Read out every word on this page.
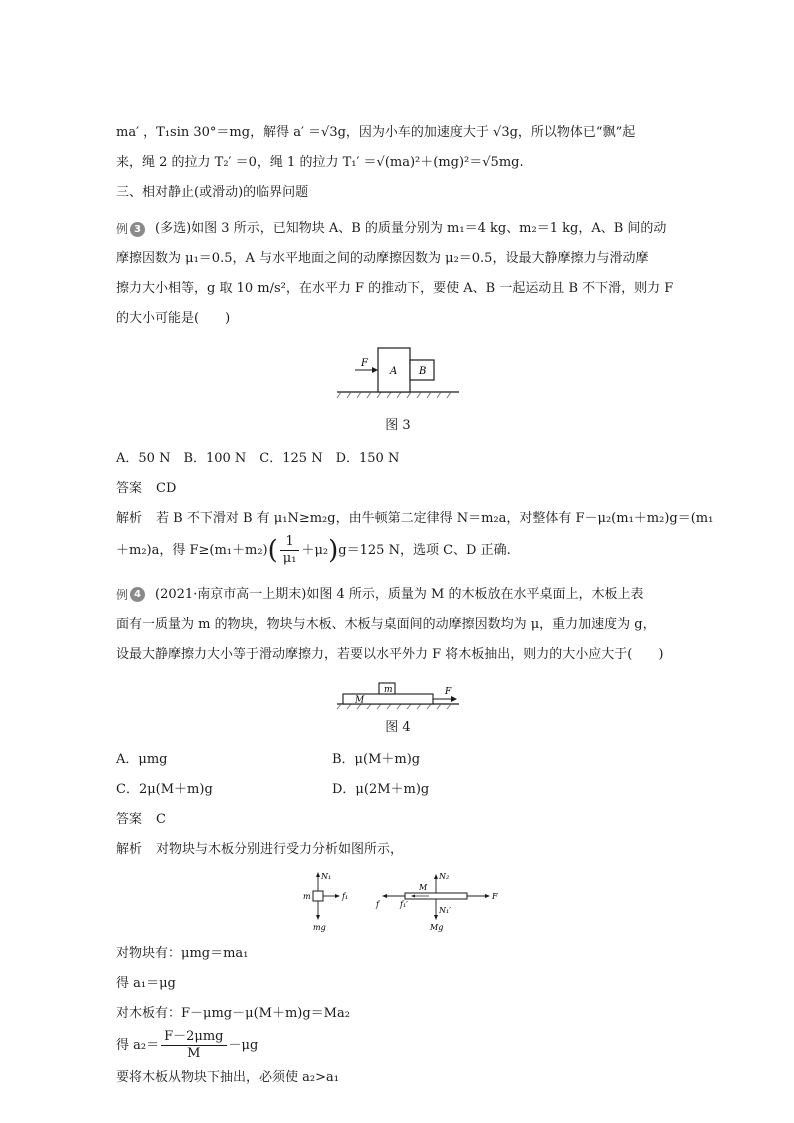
ma′ ，T₁sin 30°＝mg，解得 a′ ＝√3g，因为小车的加速度大于 √3g，所以物体已“飘”起

来，绳 2 的拉力 T₂′ ＝0，绳 1 的拉力 T₁′ ＝√(ma)²＋(mg)²＝√5mg.

三、相对静止(或滑动)的临界问题

例 3	(多选)如图 3 所示，已知物块 A、B 的质量分别为 m₁＝4 kg、m₂＝1 kg，A、B 间的动

摩擦因数为 μ₁＝0.5，A 与水平地面之间的动摩擦因数为 μ₂＝0.5，设最大静摩擦力与滑动摩

擦力大小相等，g 取 10 m/s²，在水平力 F 的推动下，要使 A、B 一起运动且 B 不下滑，则力 F

的大小可能是(　　)

F
A B

图 3

A．50 N　B．100 N　C．125 N　D．150 N

答案 CD

解析 若 B 不下滑对 B 有 μ₁N≥m₂g，由牛顿第二定律得 N＝m₂a，对整体有 F－μ₂(m₁＋m₂)g＝(m₁

＋m₂)a，得 $F\ge(m_1+m_2)( \frac{1}{\text{μ₁}} +\mu_2)g=125$ N，选项 C、D 正确.

例 4	(2021·南京市高一上期末)如图 4 所示，质量为 M 的木板放在水平桌面上，木板上表

面有一质量为 m 的物块，物块与木板、木板与桌面间的动摩擦因数均为 μ，重力加速度为 g，

设最大静摩擦力大小等于滑动摩擦力，若要以水平外力 F 将木板抽出，则力的大小应大于(　　)

m
M
F

图 4

A．μmg	B．μ(M＋m)g
C．2μ(M＋m)g	D．μ(2M＋m)g

答案 C

解析 对物块与木板分别进行受力分析如图所示，

N₁
m	f₁
mg
N₂
M
f	f₁′
N₁′
Mg
F

对物块有：μmg＝ma₁

得 a₁＝μg

对木板有：F－μmg－μ(M＋m)g＝Ma₂

得 $a_2= \frac{\text{F－2μmg}}{M} -\mu g$

要将木板从物块下抽出，必须使 a₂>a₁
